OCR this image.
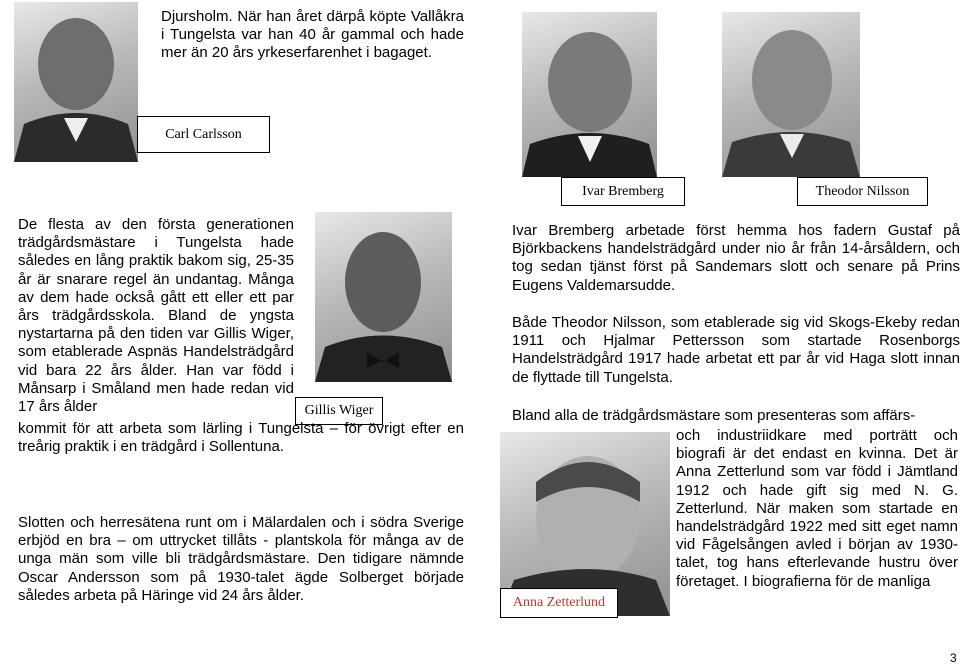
Carl Carlsson
Ivar Bremberg	Theodor Nilsson
Gillis Wiger
Anna Zetterlund
Djursholm. När han året därpå köpte Vallåkra i Tungelsta var han 40 år gammal och hade mer än 20 års yrkeserfarenhet i bagaget.
De flesta av den första generationen trädgårdsmästare i Tungelsta hade således en lång praktik bakom sig, 25-35 år är snarare regel än undantag. Många av dem hade också gått ett eller ett par års trädgårdsskola. Bland de yngsta nystartarna på den tiden var Gillis Wiger, som etablerade Aspnäs Handelsträdgård vid bara 22 års ålder. Han var född i Månsarp i Småland men hade redan vid 17 års ålder
kommit för att arbeta som lärling i Tungelsta – för övrigt efter en treårig praktik i en trädgård i Sollentuna.
Slotten och herresätena runt om i Mälardalen och i södra Sverige erbjöd en bra – om uttrycket tillåts - plantskola för många av de unga män som ville bli trädgårdsmästare. Den tidigare nämnde Oscar Andersson som på 1930-talet ägde Solberget började således arbeta på Häringe vid 24 års ålder.
Ivar Bremberg arbetade först hemma hos fadern Gustaf på Björkbackens handelsträdgård under nio år från 14-årsåldern, och tog sedan tjänst först på Sandemars slott och senare på Prins Eugens Valdemarsudde.
Både Theodor Nilsson, som etablerade sig vid Skogs-Ekeby redan 1911 och Hjalmar Pettersson som startade Rosenborgs Handelsträdgård 1917 hade arbetat ett par år vid Haga slott innan de flyttade till Tungelsta.
Bland alla de trädgårdsmästare som presenteras som affärs-
och industriidkare med porträtt och biografi är det endast en kvinna. Det är Anna Zetterlund som var född i Jämtland 1912 och hade gift sig med N. G. Zetterlund. När maken som startade en handelsträdgård 1922 med sitt eget namn vid Fågelsången avled i början av 1930-talet, tog hans efterlevande hustru över företaget. I biografierna för de manliga
3
